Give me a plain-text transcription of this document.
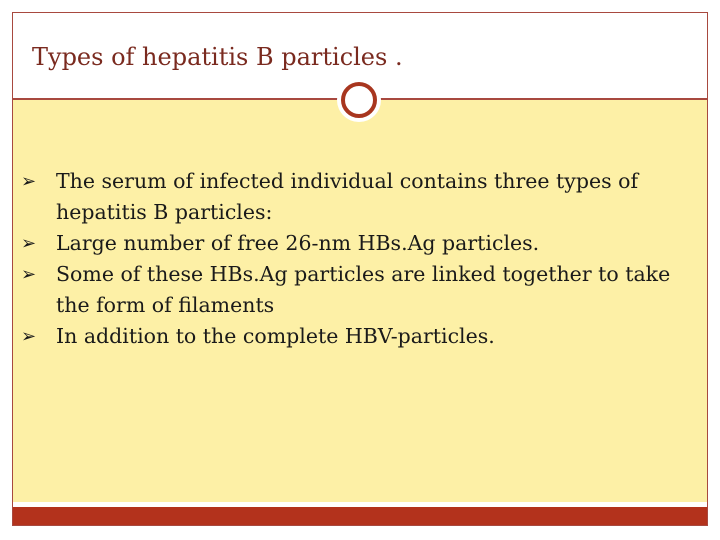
Types of hepatitis B particles .
➢ The serum of infected individual contains three types of hepatitis B particles:
➢ Large number of free 26-nm HBs.Ag particles.
➢ Some of these HBs.Ag particles are linked together to take the form of filaments
➢ In addition to the complete HBV-particles.
